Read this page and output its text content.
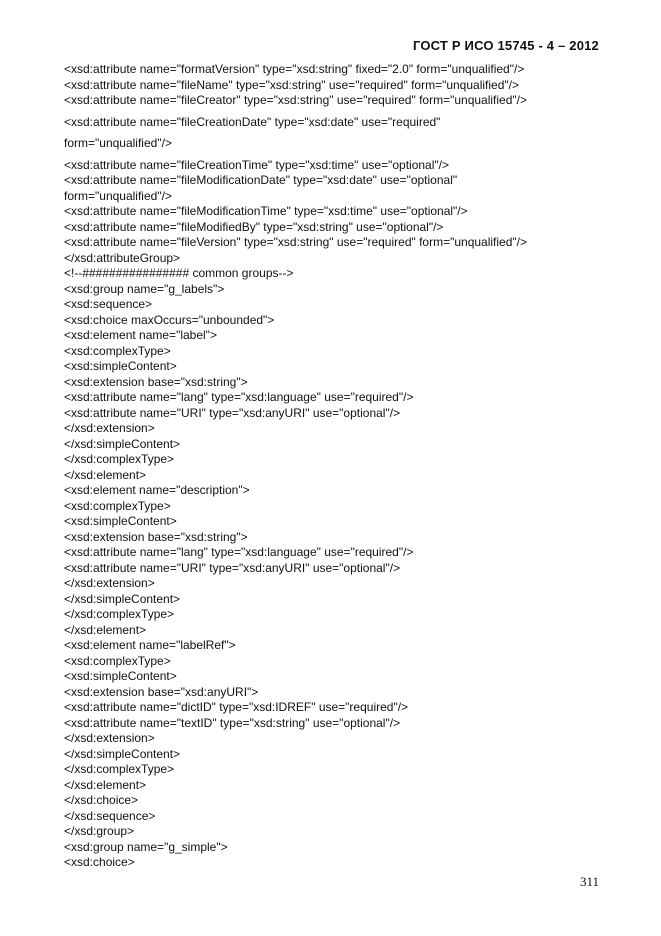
ГОСТ Р ИСО 15745 - 4 – 2012
<xsd:attribute name="formatVersion" type="xsd:string" fixed="2.0" form="unqualified"/>
<xsd:attribute name="fileName" type="xsd:string" use="required" form="unqualified"/>
<xsd:attribute name="fileCreator" type="xsd:string" use="required" form="unqualified"/>
<xsd:attribute name="fileCreationDate" type="xsd:date" use="required"
form="unqualified"/>
<xsd:attribute name="fileCreationTime" type="xsd:time" use="optional"/>
<xsd:attribute name="fileModificationDate" type="xsd:date" use="optional"
form="unqualified"/>
<xsd:attribute name="fileModificationTime" type="xsd:time" use="optional"/>
<xsd:attribute name="fileModifiedBy" type="xsd:string" use="optional"/>
<xsd:attribute name="fileVersion" type="xsd:string" use="required" form="unqualified"/>
</xsd:attributeGroup>
<!--################ common groups-->
<xsd:group name="g_labels">
<xsd:sequence>
<xsd:choice maxOccurs="unbounded">
<xsd:element name="label">
<xsd:complexType>
<xsd:simpleContent>
<xsd:extension base="xsd:string">
<xsd:attribute name="lang" type="xsd:language" use="required"/>
<xsd:attribute name="URI" type="xsd:anyURI" use="optional"/>
</xsd:extension>
</xsd:simpleContent>
</xsd:complexType>
</xsd:element>
<xsd:element name="description">
<xsd:complexType>
<xsd:simpleContent>
<xsd:extension base="xsd:string">
<xsd:attribute name="lang" type="xsd:language" use="required"/>
<xsd:attribute name="URI" type="xsd:anyURI" use="optional"/>
</xsd:extension>
</xsd:simpleContent>
</xsd:complexType>
</xsd:element>
<xsd:element name="labelRef">
<xsd:complexType>
<xsd:simpleContent>
<xsd:extension base="xsd:anyURI">
<xsd:attribute name="dictID" type="xsd:IDREF" use="required"/>
<xsd:attribute name="textID" type="xsd:string" use="optional"/>
</xsd:extension>
</xsd:simpleContent>
</xsd:complexType>
</xsd:element>
</xsd:choice>
</xsd:sequence>
</xsd:group>
<xsd:group name="g_simple">
<xsd:choice>
311
